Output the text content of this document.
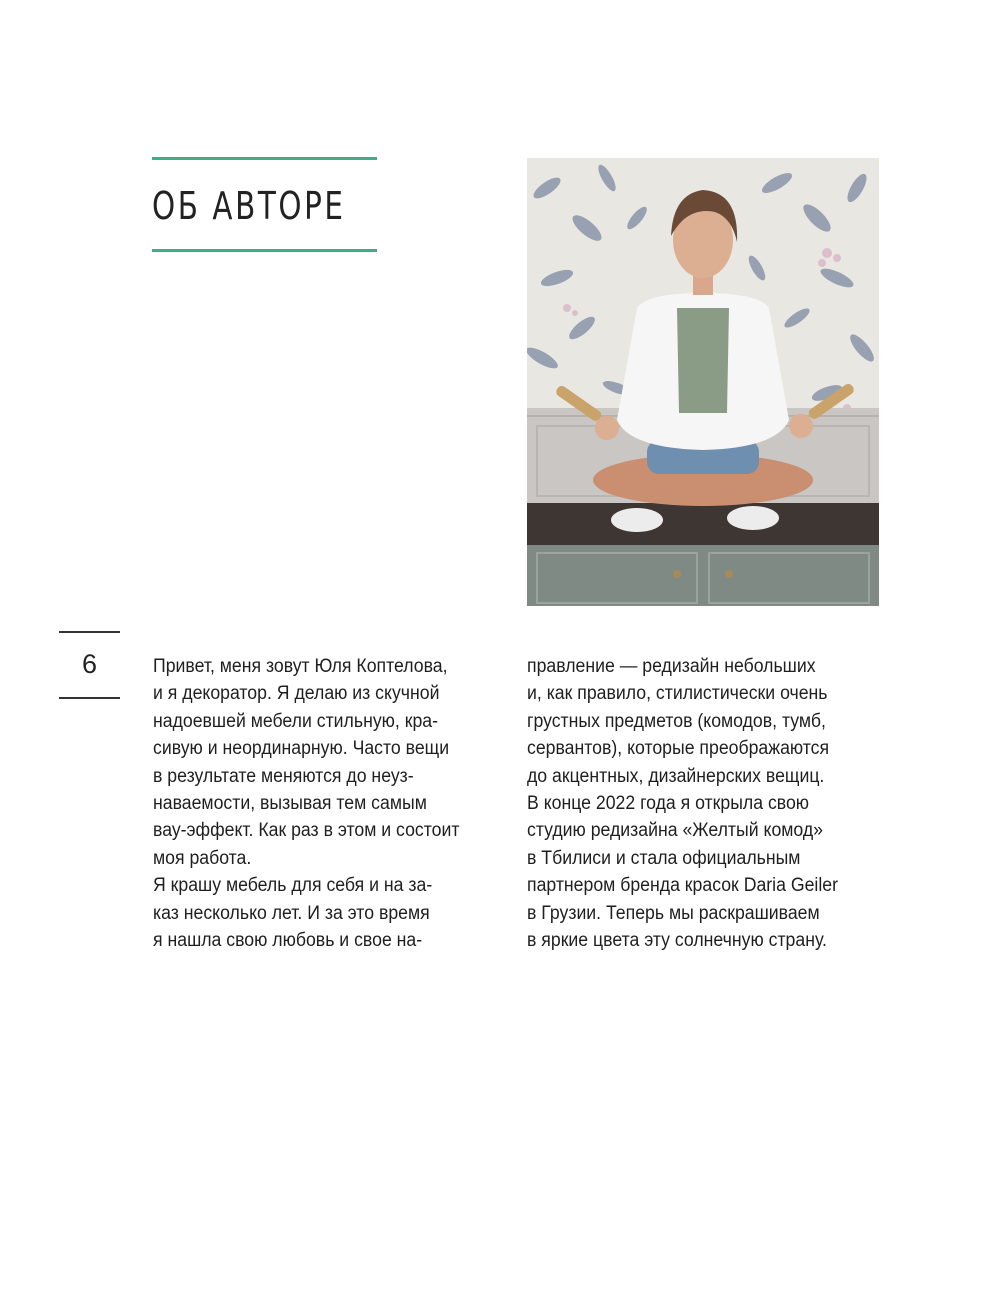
ОБ АВТОРЕ
6	Привет, меня зовут Юля Коптелова,
и я декоратор. Я делаю из скучной
надоевшей мебели стильную, кра-
сивую и неординарную. Часто вещи
в результате меняются до неуз-
наваемости, вызывая тем самым
вау-эффект. Как раз в этом и состоит
моя работа.
Я крашу мебель для себя и на за-
каз несколько лет. И за это время
я нашла свою любовь и свое на-
правление — редизайн небольших
и, как правило, стилистически очень
грустных предметов (комодов, тумб,
сервантов), которые преображаются
до акцентных, дизайнерских вещиц.
В конце 2022 года я открыла свою
студию редизайна «Желтый комод»
в Тбилиси и стала официальным
партнером бренда красок Daria Geiler
в Грузии. Теперь мы раскрашиваем
в яркие цвета эту солнечную страну.
